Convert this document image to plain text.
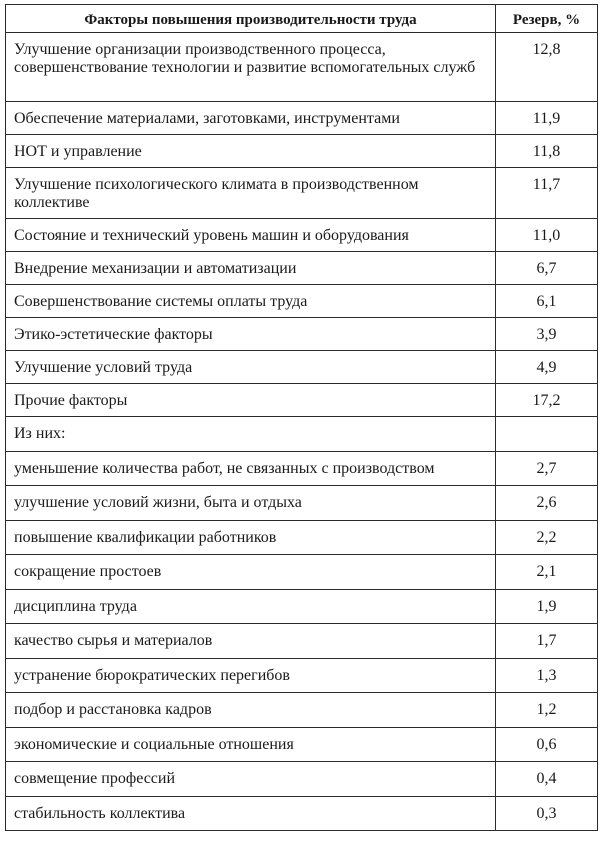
Факторы повышения производительности труда	Резерв, %
Улучшение организации производственного процесса, совершенствование технологии и развитие вспомогательных служб	12,8
Обеспечение материалами, заготовками, инструментами	11,9
НОТ и управление	11,8
Улучшение психологического климата в производственном коллективе	11,7
Состояние и технический уровень машин и оборудования	11,0
Внедрение механизации и автоматизации	6,7
Совершенствование системы оплаты труда	6,1
Этико-эстетические факторы	3,9
Улучшение условий труда	4,9
Прочие факторы	17,2
Из них:	
уменьшение количества работ, не связанных с производством	2,7
улучшение условий жизни, быта и отдыха	2,6
повышение квалификации работников	2,2
сокращение простоев	2,1
дисциплина труда	1,9
качество сырья и материалов	1,7
устранение бюрократических перегибов	1,3
подбор и расстановка кадров	1,2
экономические и социальные отношения	0,6
совмещение профессий	0,4
стабильность коллектива	0,3
